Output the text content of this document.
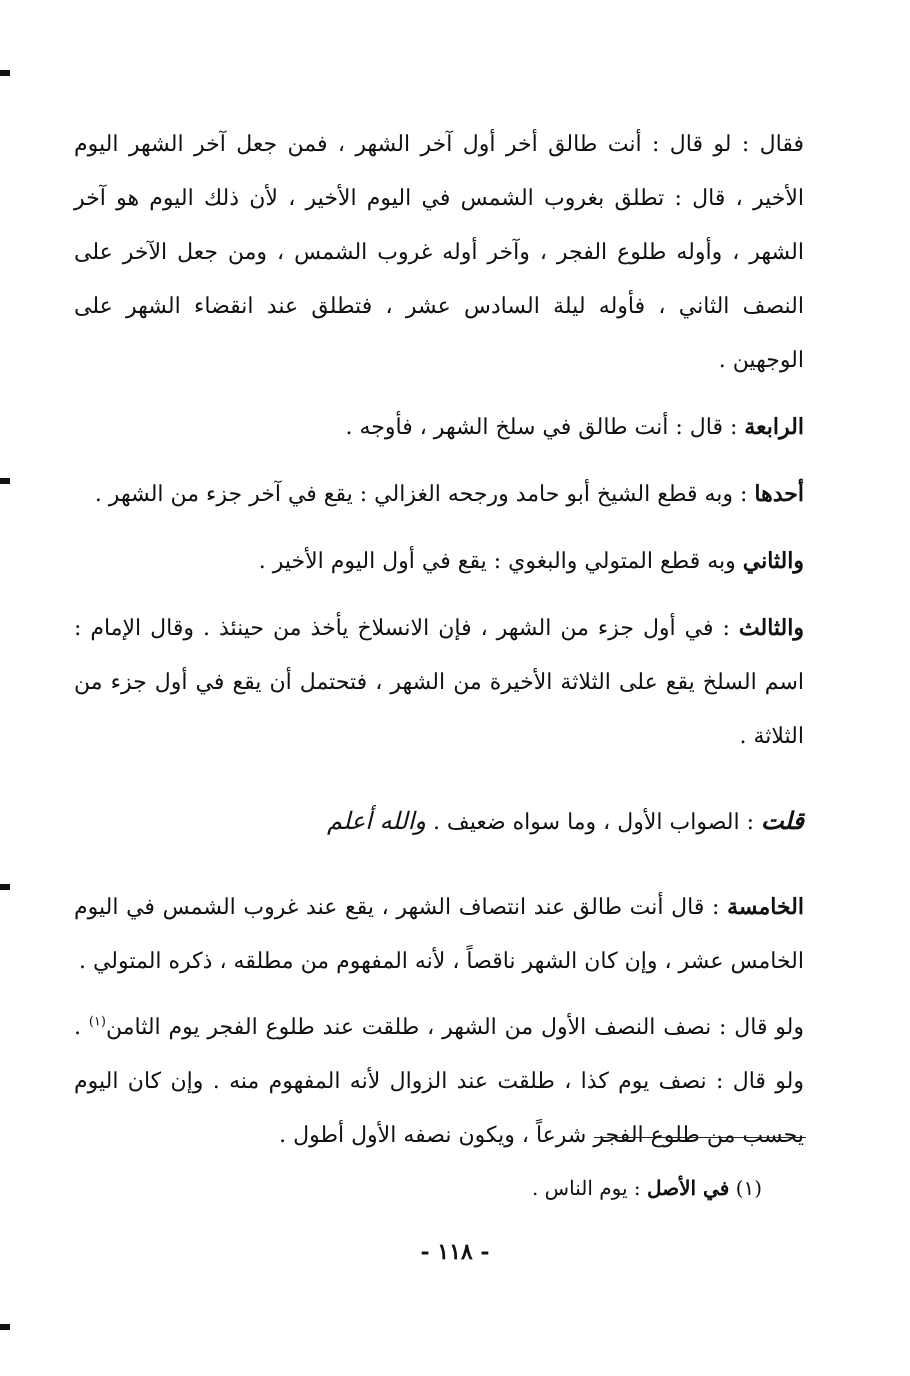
فقال : لو قال : أنت طالق أخر أول آخر الشهر ، فمن جعل آخر الشهر اليوم الأخير ، قال : تطلق بغروب الشمس في اليوم الأخير ، لأن ذلك اليوم هو آخر الشهر ، وأوله طلوع الفجر ، وآخر أوله غروب الشمس ، ومن جعل الآخر على النصف الثاني ، فأوله ليلة السادس عشر ، فتطلق عند انقضاء الشهر على الوجهين .

الرابعة : قال : أنت طالق في سلخ الشهر ، فأوجه .

أحدها : وبه قطع الشيخ أبو حامد ورجحه الغزالي : يقع في آخر جزء من الشهر .

والثاني وبه قطع المتولي والبغوي : يقع في أول اليوم الأخير .

والثالث : في أول جزء من الشهر ، فإن الانسلاخ يأخذ من حينئذ . وقال الإمام : اسم السلخ يقع على الثلاثة الأخيرة من الشهر ، فتحتمل أن يقع في أول جزء من الثلاثة .

قلت : الصواب الأول ، وما سواه ضعيف . والله أعلم

الخامسة : قال أنت طالق عند انتصاف الشهر ، يقع عند غروب الشمس في اليوم الخامس عشر ، وإن كان الشهر ناقصاً ، لأنه المفهوم من مطلقه ، ذكره المتولي .

ولو قال : نصف النصف الأول من الشهر ، طلقت عند طلوع الفجر يوم الثامن$^{(١)}$ . ولو قال : نصف يوم كذا ، طلقت عند الزوال لأنه المفهوم منه . وإن كان اليوم يحسب من طلوع الفجر شرعاً ، ويكون نصفه الأول أطول .

(١) في الأصل : يوم الناس .
- ١١٨ -
